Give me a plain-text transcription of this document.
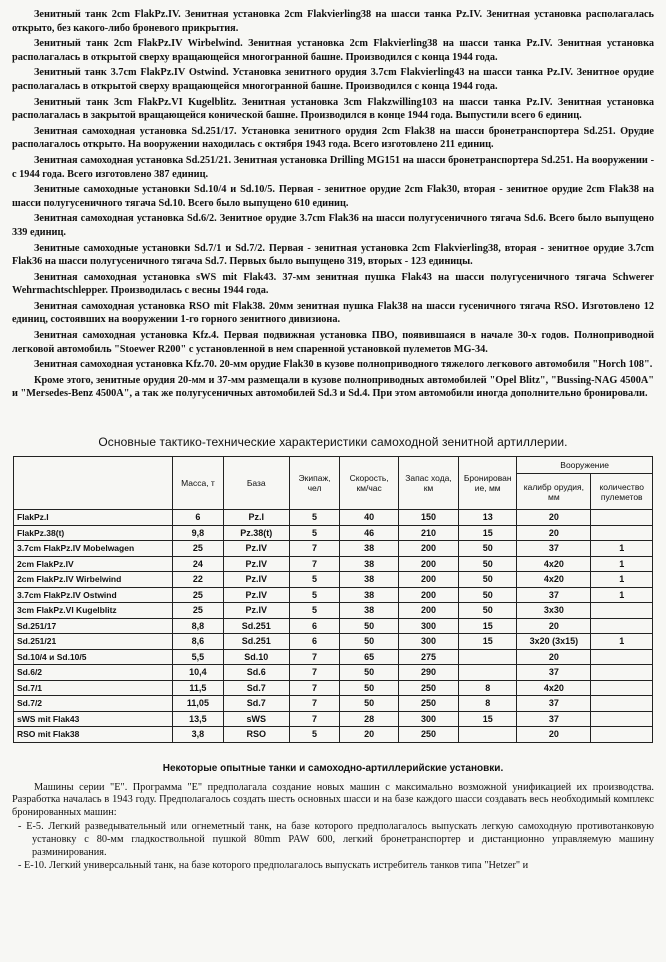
Зенитный танк 2cm FlakPz.IV. Зенитная установка 2cm Flakvierling38 на шасси танка Pz.IV. Зенитная установка располагалась открыто, без какого-либо броневого прикрытия.

Зенитный танк 2cm FlakPz.IV Wirbelwind. Зенитная установка 2cm Flakvierling38 на шасси танка Pz.IV. Зенитная установка располагалась в открытой сверху вращающейся многогранной башне. Производился с конца 1944 года.

Зенитный танк 3.7cm FlakPz.IV Ostwind. Установка зенитного орудия 3.7cm Flakvierling43 на шасси танка Pz.IV. Зенитное орудие располагалась в открытой сверху вращающейся многогранной башне. Производился с конца 1944 года.

Зенитный танк 3cm FlakPz.VI Kugelblitz. Зенитная установка 3cm Flakzwilling103 на шасси танка Pz.IV. Зенитная установка располагалась в закрытой вращающейся конической башне. Производился в конце 1944 года. Выпустили всего 6 единиц.

Зенитная самоходная установка Sd.251/17. Установка зенитного орудия 2cm Flak38 на шасси бронетранспортера Sd.251. Орудие располагалось открыто. На вооружении находилась с октября 1943 года. Всего изготовлено 211 единиц.

Зенитная самоходная установка Sd.251/21. Зенитная установка Drilling MG151 на шасси бронетранспортера Sd.251. На вооружении - с 1944 года. Всего изготовлено 387 единиц.

Зенитные самоходные установки Sd.10/4 и Sd.10/5. Первая - зенитное орудие 2cm Flak30, вторая - зенитное орудие 2cm Flak38 на шасси полугусеничного тягача Sd.10. Всего было выпущено 610 единиц.

Зенитная самоходная установка Sd.6/2. Зенитное орудие 3.7cm Flak36 на шасси полугусеничного тягача Sd.6. Всего было выпущено 339 единиц.

Зенитные самоходные установки Sd.7/1 и Sd.7/2. Первая - зенитная установка 2cm Flakvierling38, вторая - зенитное орудие 3.7cm Flak36 на шасси полугусеничного тягача Sd.7. Первых было выпущено 319, вторых - 123 единицы.

Зенитная самоходная установка sWS mit Flak43. 37-мм зенитная пушка Flak43 на шасси полугусеничного тягача Schwerer Wehrmachtschlepper. Производилась с весны 1944 года.

Зенитная самоходная установка RSO mit Flak38. 20мм зенитная пушка Flak38 на шасси гусеничного тягача RSO. Изготовлено 12 единиц, состоявших на вооружении 1-го горного зенитного дивизиона.

Зенитная самоходная установка Kfz.4. Первая подвижная установка ПВО, появившаяся в начале 30-х годов. Полноприводной легковой автомобиль "Stoewer R200" с установленной в нем спаренной установкой пулеметов MG-34.

Зенитная самоходная установка Kfz.70. 20-мм орудие Flak30 в кузове полноприводного тяжелого легкового автомобиля "Horch 108".

Кроме этого, зенитные орудия 20-мм и 37-мм размещали в кузове полноприводных автомобилей "Opel Blitz", "Bussing-NAG 4500A" и "Mersedes-Benz 4500A", а так же полугусеничных автомобилей Sd.3 и Sd.4. При этом автомобили иногда дополнительно бронировали.

Основные тактико-технические характеристики самоходной зенитной артиллерии.
	Масса, т	База	Экипаж, чел	Скорость, км/час	Запас хода, км	Бронирован ие, мм	Вооружение	
							калибр орудия, мм	количество пулеметов
FlakPz.I	6	Pz.I	5	40	150	13	20	
FlakPz.38(t)	9,8	Pz.38(t)	5	46	210	15	20	
3.7cm FlakPz.IV Mobelwagen	25	Pz.IV	7	38	200	50	37	1
2cm FlakPz.IV	24	Pz.IV	7	38	200	50	4x20	1
2cm FlakPz.IV Wirbelwind	22	Pz.IV	5	38	200	50	4x20	1
3.7cm FlakPz.IV Ostwind	25	Pz.IV	5	38	200	50	37	1
3cm FlakPz.VI Kugelblitz	25	Pz.IV	5	38	200	50	3x30	
Sd.251/17	8,8	Sd.251	6	50	300	15	20	
Sd.251/21	8,6	Sd.251	6	50	300	15	3x20 (3x15)	1
Sd.10/4 и Sd.10/5	5,5	Sd.10	7	65	275		20	
Sd.6/2	10,4	Sd.6	7	50	290		37	
Sd.7/1	11,5	Sd.7	7	50	250	8	4x20	
Sd.7/2	11,05	Sd.7	7	50	250	8	37	
sWS mit Flak43	13,5	sWS	7	28	300	15	37	
RSO mit Flak38	3,8	RSO	5	20	250		20	
Некоторые опытные танки и самоходно-артиллерийские установки.

Машины серии "E". Программа "E" предполагала создание новых машин с максимально возможной унификацией их производства. Разработка началась в 1943 году. Предполагалось создать шесть основных шасси и на базе каждого шасси создавать весь необходимый комплекс бронированных машин:

- E-5. Легкий разведывательный или огнеметный танк, на базе которого предполагалось выпускать легкую самоходную противотанковую установку с 80-мм гладкоствольной пушкой 80mm PAW 600, легкий бронетранспортер и дистанционно управляемую машину разминирования.

- E-10. Легкий универсальный танк, на базе которого предполагалось выпускать истребитель танков типа "Hetzer" и
